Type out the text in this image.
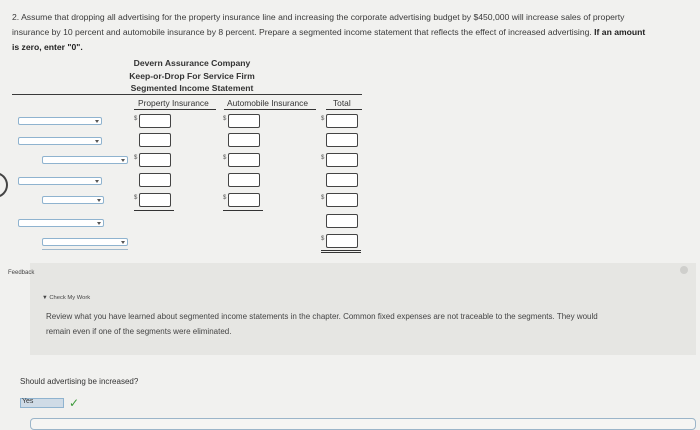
2. Assume that dropping all advertising for the property insurance line and increasing the corporate advertising budget by $450,000 will increase sales of property
insurance by 10 percent and automobile insurance by 8 percent. Prepare a segmented income statement that reflects the effect of increased advertising. If an amount
is zero, enter "0".
Devern Assurance Company
Keep-or-Drop For Service Firm
Segmented Income Statement
Property Insurance Automobile Insurance	Total
$
$
$
$
$
$
$
$
$
$
Feedback
▼ Check My Work
Review what you have learned about segmented income statements in the chapter. Common fixed expenses are not traceable to the segments. They would
remain even if one of the segments were eliminated.
Should advertising be increased?
Yes	✓
